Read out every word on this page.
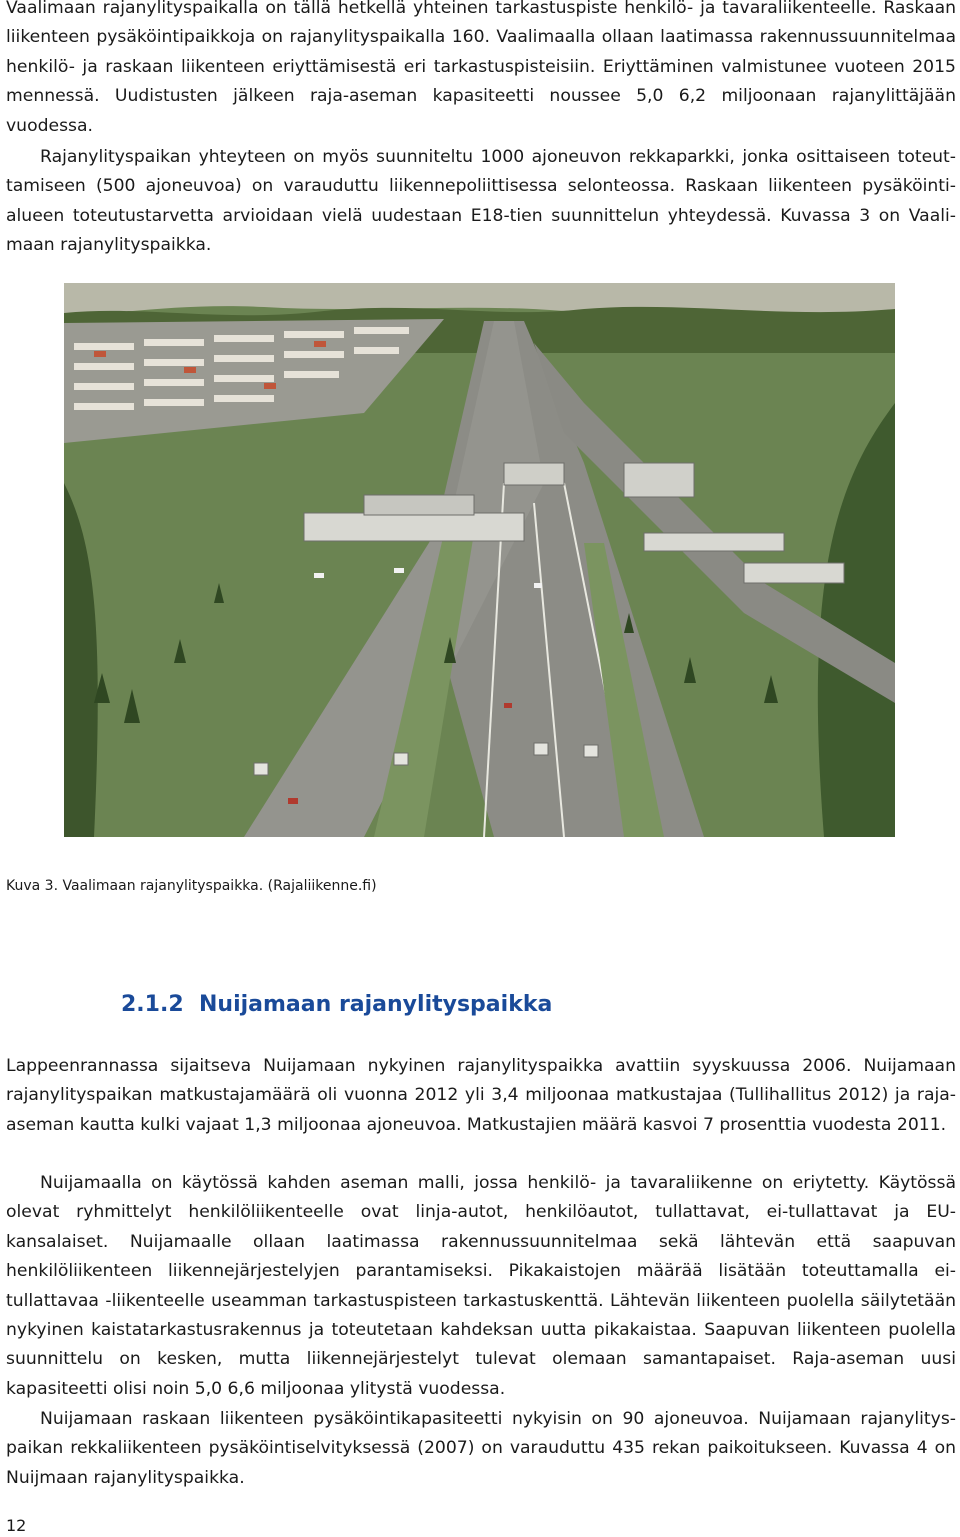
Vaalimaan rajanylityspaikalla on tällä hetkellä yhteinen tarkastuspiste henkilö- ja tavaraliikenteelle. Raskaan liikenteen pysäköintipaikkoja on rajanylityspaikalla 160. Vaalimaalla ollaan laatimassa rakennussuunnitelmaa henkilö- ja raskaan liikenteen eriyttämisestä eri tarkastuspisteisiin. Eriyttäminen valmistunee vuoteen 2015 mennessä. Uudistusten jälkeen raja-aseman kapasiteetti noussee 5,0 6,2 miljoonaan rajanylittäjään vuodessa.
Rajanylityspaikan yhteyteen on myös suunniteltu 1000 ajoneuvon rekkaparkki, jonka osittaiseen toteuttamiseen (500 ajoneuvoa) on varauduttu liikennepoliittisessa selonteossa. Raskaan liikenteen pysäköintialueen toteutustarvetta arvioidaan vielä uudestaan E18-tien suunnittelun yhteydessä. Kuvassa 3 on Vaalimaan rajanylityspaikka.
Kuva 3. Vaalimaan rajanylityspaikka. (Rajaliikenne.fi)
2.1.2 Nuijamaan rajanylityspaikka
Lappeenrannassa sijaitseva Nuijamaan nykyinen rajanylityspaikka avattiin syyskuussa 2006. Nuijamaan rajanylityspaikan matkustajamäärä oli vuonna 2012 yli 3,4 miljoonaa matkustajaa (Tullihallitus 2012) ja rajaaseman kautta kulki vajaat 1,3 miljoonaa ajoneuvoa. Matkustajien määrä kasvoi 7 prosenttia vuodesta 2011.
Nuijamaalla on käytössä kahden aseman malli, jossa henkilö- ja tavaraliikenne on eriytetty. Käytössä olevat ryhmittelyt henkilöliikenteelle ovat linja-autot, henkilöautot, tullattavat, ei-tullattavat ja EU-kansalaiset. Nuijamaalle ollaan laatimassa rakennussuunnitelmaa sekä lähtevän että saapuvan henkilöliikenteen liikennejärjestelyjen parantamiseksi. Pikakaistojen määrää lisätään toteuttamalla ei-tullattavaa -liikenteelle useamman tarkastuspisteen tarkastuskenttä. Lähtevän liikenteen puolella säilytetään nykyinen kaistatarkastusrakennus ja toteutetaan kahdeksan uutta pikakaistaa. Saapuvan liikenteen puolella suunnittelu on kesken, mutta liikennejärjestelyt tulevat olemaan samantapaiset. Raja-aseman uusi kapasiteetti olisi noin 5,0 6,6 miljoonaa ylitystä vuodessa.
Nuijamaan raskaan liikenteen pysäköintikapasiteetti nykyisin on 90 ajoneuvoa. Nuijamaan rajanylityspaikan rekkaliikenteen pysäköintiselvityksessä (2007) on varauduttu 435 rekan paikoitukseen. Kuvassa 4 on Nuijmaan rajanylityspaikka.
12
